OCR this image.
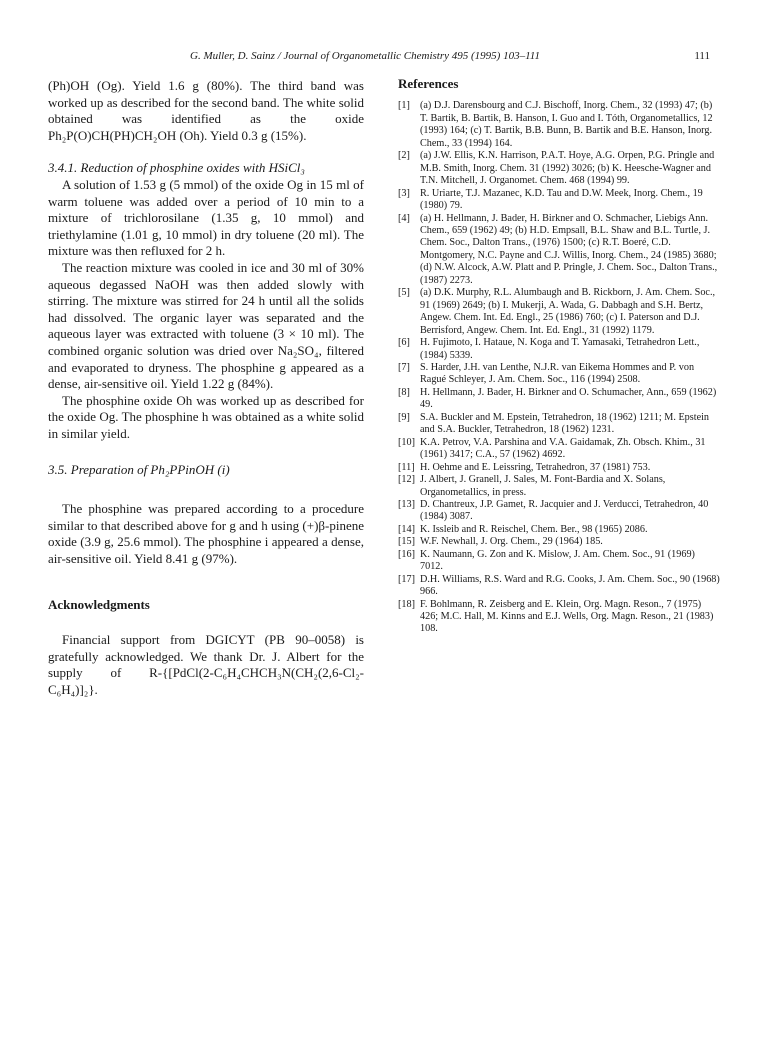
G. Muller, D. Sainz / Journal of Organometallic Chemistry 495 (1995) 103–111	111

(Ph)OH (Og). Yield 1.6 g (80%). The third band was worked up as described for the second band. The white solid obtained was identified as the oxide Ph₂P(O)CH(PH)CH₂OH (Oh). Yield 0.3 g (15%).

3.4.1. Reduction of phosphine oxides with HSiCl₃

A solution of 1.53 g (5 mmol) of the oxide Og in 15 ml of warm toluene was added over a period of 10 min to a mixture of trichlorosilane (1.35 g, 10 mmol) and triethylamine (1.01 g, 10 mmol) in dry toluene (20 ml). The mixture was then refluxed for 2 h.

The reaction mixture was cooled in ice and 30 ml of 30% aqueous degassed NaOH was then added slowly with stirring. The mixture was stirred for 24 h until all the solids had dissolved. The organic layer was separated and the aqueous layer was extracted with toluene (3 × 10 ml). The combined organic solution was dried over Na₂SO₄, filtered and evaporated to dryness. The phosphine g appeared as a dense, air-sensitive oil. Yield 1.22 g (84%).

The phosphine oxide Oh was worked up as described for the oxide Og. The phosphine h was obtained as a white solid in similar yield.

3.5. Preparation of Ph₂PPinOH (i)

The phosphine was prepared according to a procedure similar to that described above for g and h using (+)β-pinene oxide (3.9 g, 25.6 mmol). The phosphine i appeared a dense, air-sensitive oil. Yield 8.41 g (97%).

Acknowledgments

Financial support from DGICYT (PB 90–0058) is gratefully acknowledged. We thank Dr. J. Albert for the supply of R-{[PdCl(2-C₆H₄CHCH₃N(CH₂(2,6-Cl₂-C₆H₄)]₂}.

References

[1] (a) D.J. Darensbourg and C.J. Bischoff, Inorg. Chem., 32 (1993) 47; (b) T. Bartik, B. Bartik, B. Hanson, I. Guo and I. Tóth, Organometallics, 12 (1993) 164; (c) T. Bartik, B.B. Bunn, B. Bartik and B.E. Hanson, Inorg. Chem., 33 (1994) 164.
[2] (a) J.W. Ellis, K.N. Harrison, P.A.T. Hoye, A.G. Orpen, P.G. Pringle and M.B. Smith, Inorg. Chem. 31 (1992) 3026; (b) K. Heesche-Wagner and T.N. Mitchell, J. Organomet. Chem. 468 (1994) 99.
[3] R. Uriarte, T.J. Mazanec, K.D. Tau and D.W. Meek, Inorg. Chem., 19 (1980) 79.
[4] (a) H. Hellmann, J. Bader, H. Birkner and O. Schmacher, Liebigs Ann. Chem., 659 (1962) 49; (b) H.D. Empsall, B.L. Shaw and B.L. Turtle, J. Chem. Soc., Dalton Trans., (1976) 1500; (c) R.T. Boeré, C.D. Montgomery, N.C. Payne and C.J. Willis, Inorg. Chem., 24 (1985) 3680; (d) N.W. Alcock, A.W. Platt and P. Pringle, J. Chem. Soc., Dalton Trans., (1987) 2273.
[5] (a) D.K. Murphy, R.L. Alumbaugh and B. Rickborn, J. Am. Chem. Soc., 91 (1969) 2649; (b) I. Mukerji, A. Wada, G. Dabbagh and S.H. Bertz, Angew. Chem. Int. Ed. Engl., 25 (1986) 760; (c) I. Paterson and D.J. Berrisford, Angew. Chem. Int. Ed. Engl., 31 (1992) 1179.
[6] H. Fujimoto, I. Hataue, N. Koga and T. Yamasaki, Tetrahedron Lett., (1984) 5339.
[7] S. Harder, J.H. van Lenthe, N.J.R. van Eikema Hommes and P. von Ragué Schleyer, J. Am. Chem. Soc., 116 (1994) 2508.
[8] H. Hellmann, J. Bader, H. Birkner and O. Schumacher, Ann., 659 (1962) 49.
[9] S.A. Buckler and M. Epstein, Tetrahedron, 18 (1962) 1211; M. Epstein and S.A. Buckler, Tetrahedron, 18 (1962) 1231.
[10] K.A. Petrov, V.A. Parshina and V.A. Gaidamak, Zh. Obsch. Khim., 31 (1961) 3417; C.A., 57 (1962) 4692.
[11] H. Oehme and E. Leissring, Tetrahedron, 37 (1981) 753.
[12] J. Albert, J. Granell, J. Sales, M. Font-Bardia and X. Solans, Organometallics, in press.
[13] D. Chantreux, J.P. Gamet, R. Jacquier and J. Verducci, Tetrahedron, 40 (1984) 3087.
[14] K. Issleib and R. Reischel, Chem. Ber., 98 (1965) 2086.
[15] W.F. Newhall, J. Org. Chem., 29 (1964) 185.
[16] K. Naumann, G. Zon and K. Mislow, J. Am. Chem. Soc., 91 (1969) 7012.
[17] D.H. Williams, R.S. Ward and R.G. Cooks, J. Am. Chem. Soc., 90 (1968) 966.
[18] F. Bohlmann, R. Zeisberg and E. Klein, Org. Magn. Reson., 7 (1975) 426; M.C. Hall, M. Kinns and E.J. Wells, Org. Magn. Reson., 21 (1983) 108.
